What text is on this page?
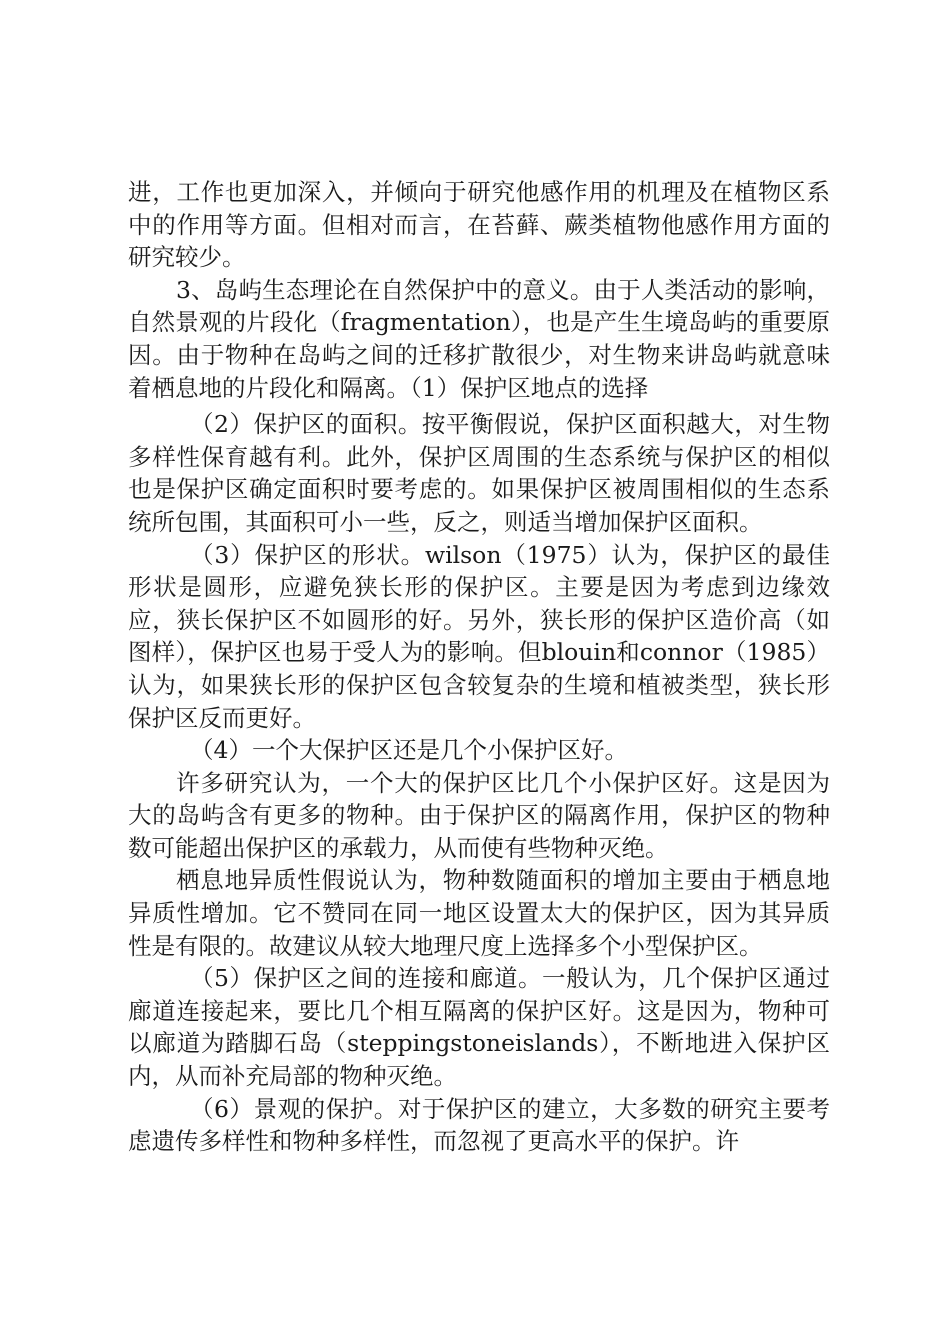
进，工作也更加深入，并倾向于研究他感作用的机理及在植物区系中的作用等方面。但相对而言，在苔藓、蕨类植物他感作用方面的研究较少。

3、岛屿生态理论在自然保护中的意义。由于人类活动的影响，自然景观的片段化（fragmentation），也是产生生境岛屿的重要原因。由于物种在岛屿之间的迁移扩散很少，对生物来讲岛屿就意味着栖息地的片段化和隔离。（1）保护区地点的选择

（2）保护区的面积。按平衡假说，保护区面积越大，对生物多样性保育越有利。此外，保护区周围的生态系统与保护区的相似也是保护区确定面积时要考虑的。如果保护区被周围相似的生态系统所包围，其面积可小一些，反之，则适当增加保护区面积。

（3）保护区的形状。wilson（1975）认为，保护区的最佳形状是圆形，应避免狭长形的保护区。主要是因为考虑到边缘效应，狭长保护区不如圆形的好。另外，狭长形的保护区造价高（如图样），保护区也易于受人为的影响。但blouin和connor（1985）认为，如果狭长形的保护区包含较复杂的生境和植被类型，狭长形保护区反而更好。

（4）一个大保护区还是几个小保护区好。

许多研究认为，一个大的保护区比几个小保护区好。这是因为大的岛屿含有更多的物种。由于保护区的隔离作用，保护区的物种数可能超出保护区的承载力，从而使有些物种灭绝。

栖息地异质性假说认为，物种数随面积的增加主要由于栖息地异质性增加。它不赞同在同一地区设置太大的保护区，因为其异质性是有限的。故建议从较大地理尺度上选择多个小型保护区。

（5）保护区之间的连接和廊道。一般认为，几个保护区通过廊道连接起来，要比几个相互隔离的保护区好。这是因为，物种可以廊道为踏脚石岛（steppingstoneislands），不断地进入保护区内，从而补充局部的物种灭绝。

（6）景观的保护。对于保护区的建立，大多数的研究主要考虑遗传多样性和物种多样性，而忽视了更高水平的保护。许
